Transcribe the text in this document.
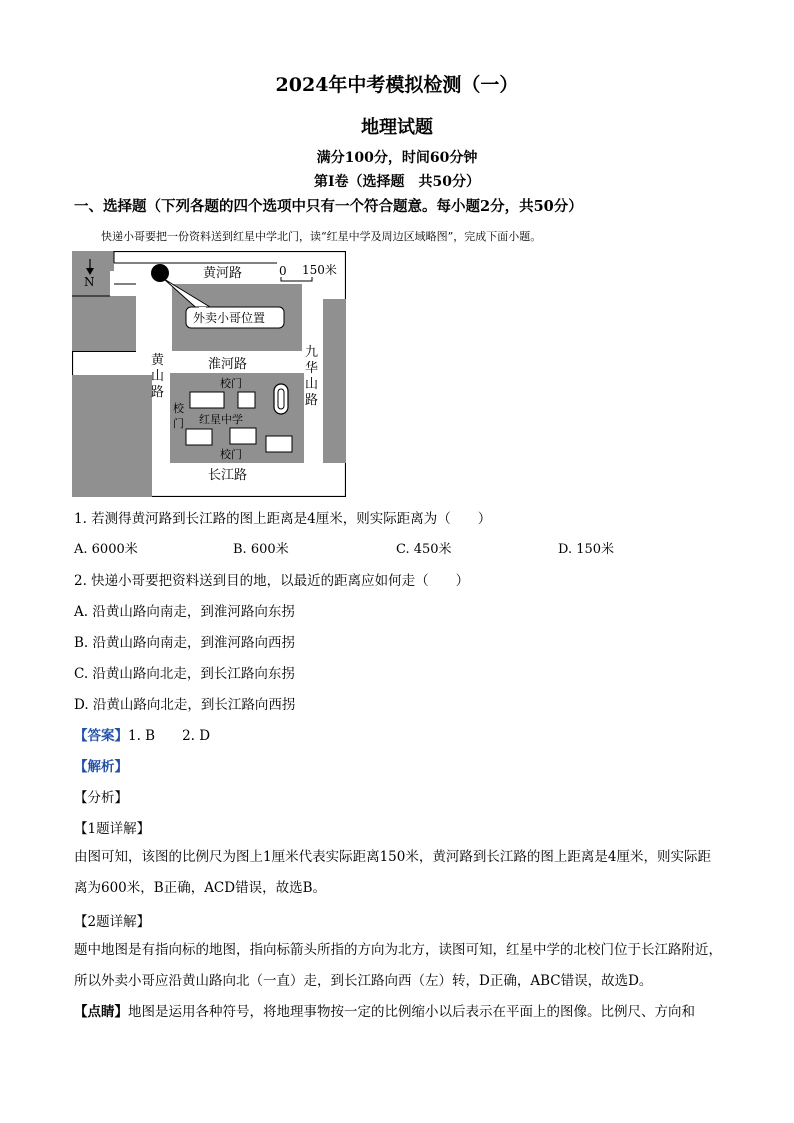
2024年中考模拟检测（一）
地理试题
满分100分，时间60分钟
第Ⅰ卷（选择题　共50分）
一、选择题（下列各题的四个选项中只有一个符合题意。每小题2分，共50分）
快递小哥要把一份资料送到红星中学北门，读“红星中学及周边区域略图”，完成下面小题。
N
0 150米
外卖小哥位置
黄河路
淮河路
长江路
黄
山
路
九
华
山
路
校门
校
门 红星中学
校门
1. 若测得黄河路到长江路的图上距离是4厘米，则实际距离为（　　）
A. 6000米	B. 600米	C. 450米	D. 150米
2. 快递小哥要把资料送到目的地，以最近的距离应如何走（　　）
A. 沿黄山路向南走，到淮河路向东拐
B. 沿黄山路向南走，到淮河路向西拐
C. 沿黄山路向北走，到长江路向东拐
D. 沿黄山路向北走，到长江路向西拐
【答案】1. B　　2. D
【解析】
【分析】
【1题详解】
由图可知，该图的比例尺为图上1厘米代表实际距离150米，黄河路到长江路的图上距离是4厘米，则实际距离为600米，B正确，ACD错误，故选B。
【2题详解】
题中地图是有指向标的地图，指向标箭头所指的方向为北方，读图可知，红星中学的北校门位于长江路附近，所以外卖小哥应沿黄山路向北（一直）走，到长江路向西（左）转，D正确，ABC错误，故选D。
【点睛】地图是运用各种符号，将地理事物按一定的比例缩小以后表示在平面上的图像。比例尺、方向和
